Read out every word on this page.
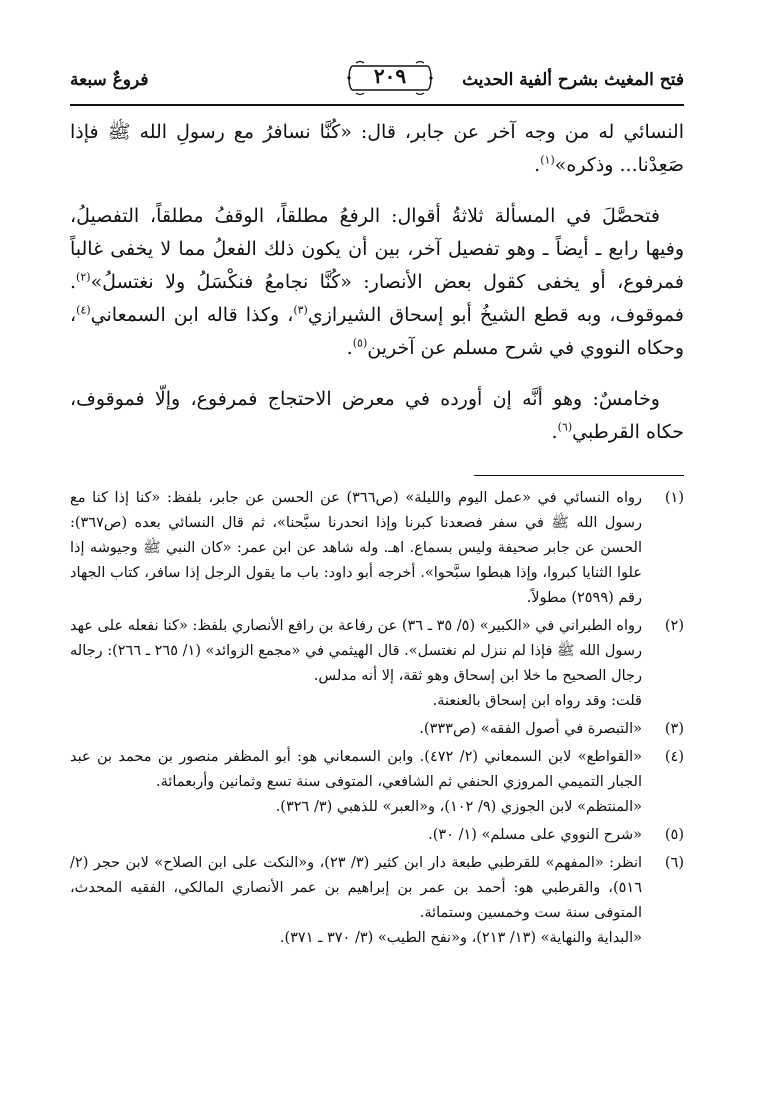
فتح المغيث بشرح ألفية الحديث
٢٠٩
فروعٌ سبعة

النسائي له من وجه آخر عن جابر، قال: «كُنَّا نسافرُ مع رسولِ الله ﷺ فإذا صَعِدْنا... وذكره»$^{(١)}$.

فتحصَّلَ في المسألة ثلاثةُ أقوال: الرفعُ مطلقاً، الوقفُ مطلقاً، التفصيلُ، وفيها رابع ـ أيضاً ـ وهو تفصيل آخر، بين أن يكون ذلك الفعلُ مما لا يخفى غالباً فمرفوع، أو يخفى كقول بعض الأنصار: «كُنَّا نجامعُ فنكْسَلُ ولا نغتسلُ»$^{(٢)}$. فموقوف، وبه قطع الشيخُ أبو إسحاق الشيرازي$^{(٣)}$، وكذا قاله ابن السمعاني$^{(٤)}$، وحكاه النووي في شرح مسلم عن آخرين$^{(٥)}$.

وخامسٌ: وهو أنَّه إن أورده في معرض الاحتجاج فمرفوع، وإلّا فموقوف، حكاه القرطبي$^{(٦)}$.

(١)

رواه النسائي في «عمل اليوم والليلة» (ص٣٦٦) عن الحسن عن جابر، بلفظ: «كنا إذا كنا مع رسول الله ﷺ في سفر فصعدنا كبرنا وإذا انحدرنا سبَّحنا»، ثم قال النسائي بعده (ص٣٦٧): الحسن عن جابر صحيفة وليس بسماع. اهـ. وله شاهد عن ابن عمر: «كان النبي ﷺ وجيوشه إذا علوا الثنايا كبروا، وإذا هبطوا سبَّحوا». أخرجه أبو داود: باب ما يقول الرجل إذا سافر، كتاب الجهاد رقم (٢٥٩٩) مطولاً.

(٢)

رواه الطبراني في «الكبير» (٥/ ٣٥ ـ ٣٦) عن رفاعة بن رافع الأنصاري بلفظ: «كنا نفعله على عهد رسول الله ﷺ فإذا لم ننزل لم نغتسل». قال الهيثمي في «مجمع الزوائد» (١/ ٢٦٥ ـ ٢٦٦): رجاله رجال الصحيح ما خلا ابن إسحاق وهو ثقة، إلا أنه مدلس.

قلت: وقد رواه ابن إسحاق بالعنعنة.

(٣)

«التبصرة في أصول الفقه» (ص٣٣٣).

(٤)

«القواطع» لابن السمعاني (٢/ ٤٧٢). وابن السمعاني هو: أبو المظفر منصور بن محمد بن عبد الجبار التميمي المروزي الحنفي ثم الشافعي، المتوفى سنة تسع وثمانين وأربعمائة.

«المنتظم» لابن الجوزي (٩/ ١٠٢)، و«العبر» للذهبي (٣/ ٣٢٦).

(٥)

«شرح النووي على مسلم» (١/ ٣٠).

(٦)

انظر: «المفهم» للقرطبي طبعة دار ابن كثير (٣/ ٢٣)، و«النكت على ابن الصلاح» لابن حجر (٢/ ٥١٦)، والقرطبي هو: أحمد بن عمر بن إبراهيم بن عمر الأنصاري المالكي، الفقيه المحدث، المتوفى سنة ست وخمسين وستمائة.

«البداية والنهاية» (١٣/ ٢١٣)، و«نفح الطيب» (٣/ ٣٧٠ ـ ٣٧١).
